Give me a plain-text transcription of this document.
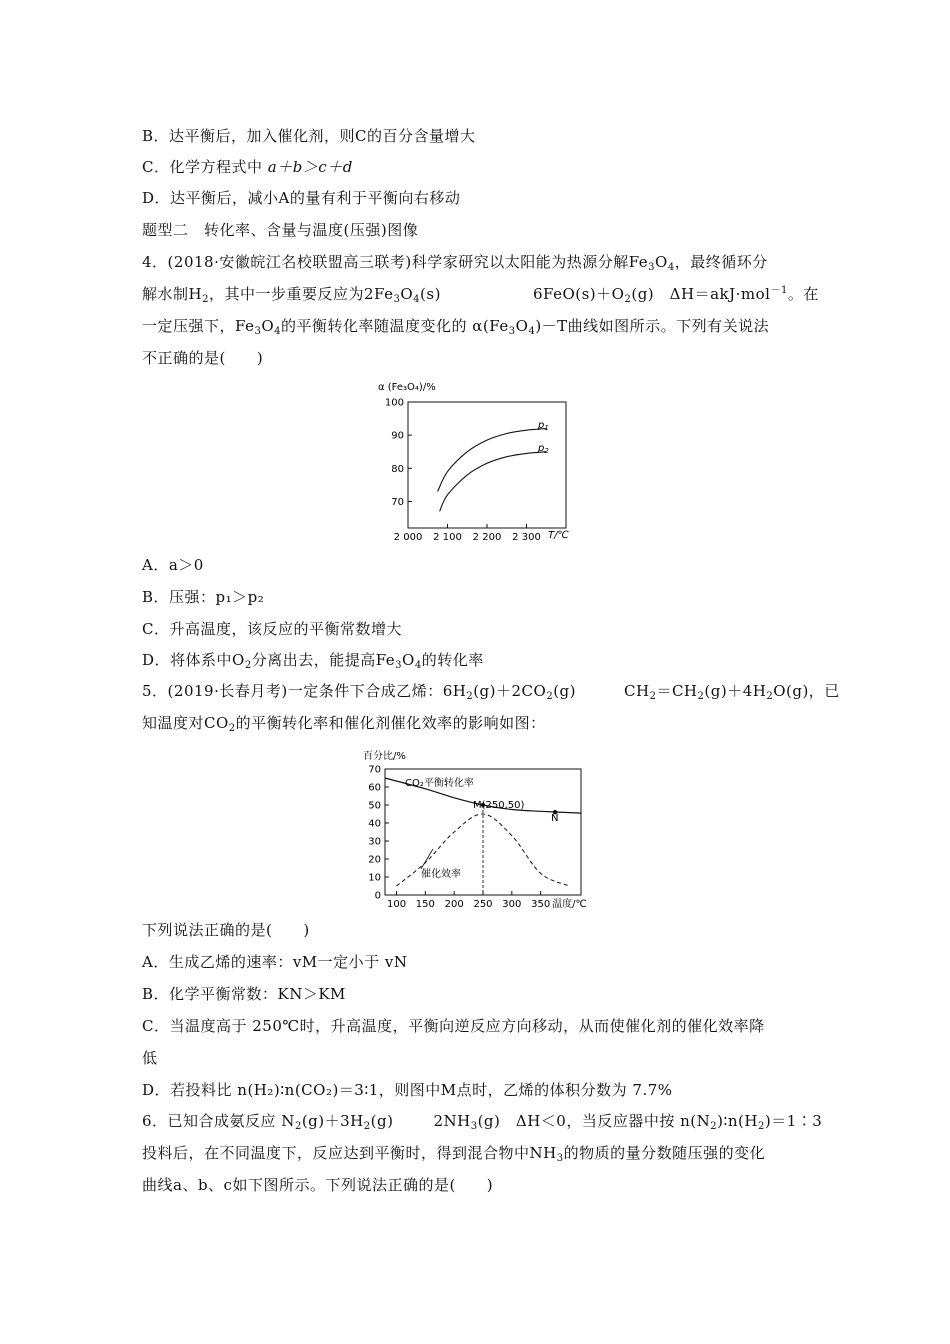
B．达平衡后，加入催化剂，则C的百分含量增大
C．化学方程式中 a＋b＞c＋d
D．达平衡后，减小A的量有利于平衡向右移动
题型二　转化率、含量与温度(压强)图像
4．(2018·安徽皖江名校联盟高三联考)科学家研究以太阳能为热源分解$Fe_3O_4$，最终循环分
解水制$H_2$，其中一步重要反应为$2Fe_3O_4(s)$	$6FeO(s)+O_2(g)$　 ΔH＝akJ·mol$^{-1}$。在
一定压强下，$Fe_3O_4$的平衡转化率随温度变化的 $\alpha(Fe_3O_4)-T$曲线如图所示。下列有关说法
不正确的是(　　)
α (Fe₃O₄)/%
100
90
80
70
2 000 2 100 2 200 2 300
$p_1$
$p_2$
T/℃
A．a＞0
B．压强：p₁＞p₂
C．升高温度，该反应的平衡常数增大
D．将体系中$O_2$分离出去，能提高$Fe_3O_4$的转化率
5．(2019·长春月考)一定条件下合成乙烯：$6H_2(g)+2CO_2(g)$	$CH_2=CH_2(g)+4H_2O(g)$，已
知温度对$CO_2$的平衡转化率和催化剂催化效率的影响如图：
百分比/%
70
60
50
40
30
20
10
0
100 150 200 250 300 350 温度/℃
CO₂平衡转化率
M(250,50)
N
催化效率
下列说法正确的是(　　)
A．生成乙烯的速率：vM一定小于 vN
B．化学平衡常数：KN＞KM
C．当温度高于 250℃时，升高温度，平衡向逆反应方向移动，从而使催化剂的催化效率降
低
D．若投料比 n(H₂)∶n(CO₂)＝3∶1，则图中M点时，乙烯的体积分数为 7.7%
6．已知合成氨反应 $N_2(g)+3H_2(g)$	$2NH_3(g)$　ΔH＜0，当反应器中按 $n(N_2)∶n(H_2)=1∶3$
投料后，在不同温度下，反应达到平衡时，得到混合物中$NH_3$的物质的量分数随压强的变化
曲线a、b、c如下图所示。下列说法正确的是(　　)
